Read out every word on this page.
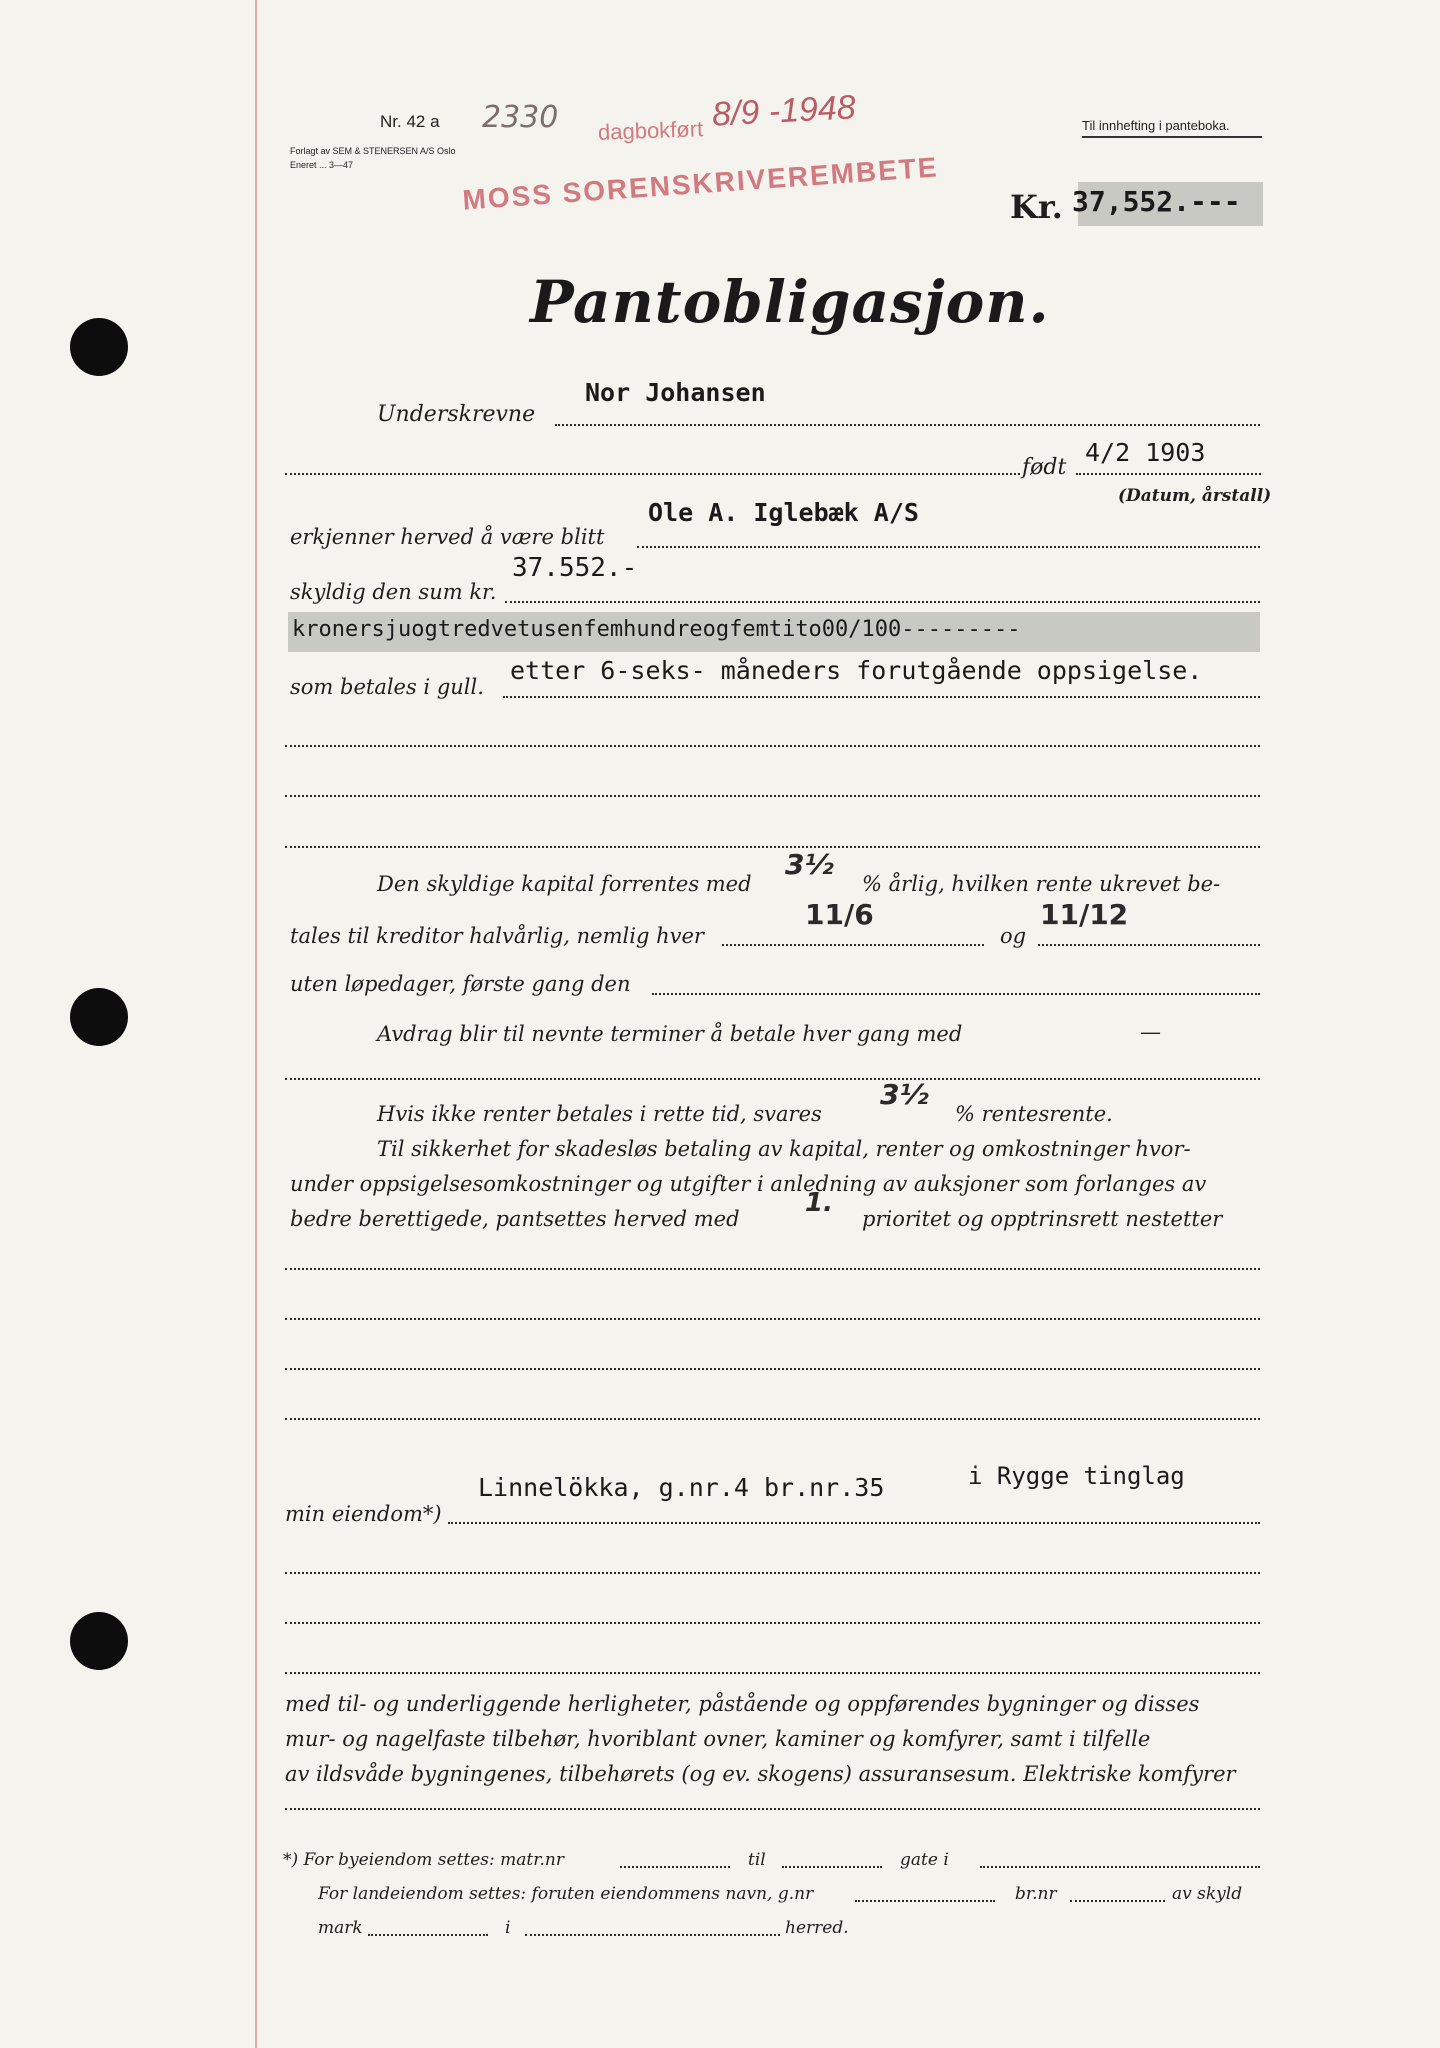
Nr. 42 a 2330
Forlagt av SEM & STENERSEN A/S Oslo
Eneret ... 3—47
dagbokført 8/9 -1948
MOSS SORENSKRIVEREMBETE
Til innhefting i panteboka.
Kr. 37,552.---
Pantobligasjon.
Nor Johansen
Underskrevne
født
4/2 1903
(Datum, årstall)
erkjenner herved å være blitt
Ole A. Iglebæk A/S
skyldig den sum kr.
37.552.-
kronersjuogtredvetusenfemhundreogfemtito00/100---------
etter 6-seks- måneders forutgående oppsigelse.
som betales i gull.
Den skyldige kapital forrentes med
3½
% årlig, hvilken rente ukrevet be-
tales til kreditor halvårlig, nemlig hver
11/6
og
11/12
uten løpedager, første gang den
Avdrag blir til nevnte terminer å betale hver gang med	—
Hvis ikke renter betales i rette tid, svares
3½
% rentesrente.
Til sikkerhet for skadesløs betaling av kapital, renter og omkostninger hvor-
under oppsigelsesomkostninger og utgifter i anledning av auksjoner som forlanges av
bedre berettigede, pantsettes herved med
1.
prioritet og opptrinsrett nestetter
Linnelökka, g.nr.4 br.nr.35	i Rygge tinglag
min eiendom*)
med til- og underliggende herligheter, påstående og oppførendes bygninger og disses
mur- og nagelfaste tilbehør, hvoriblant ovner, kaminer og komfyrer, samt i tilfelle
av ildsvåde bygningenes, tilbehørets (og ev. skogens) assuransesum. Elektriske komfyrer
*) For byeiendom settes: matr.nr	til	gate i
For landeiendom settes: foruten eiendommens navn, g.nr	br.nr	av skyld
mark	i	herred.
